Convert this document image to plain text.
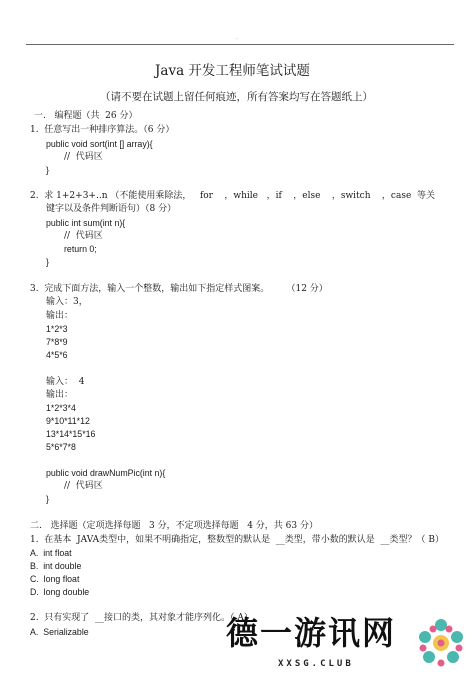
·
Java 开发工程师笔试试题
（请不要在试题上留任何痕迹，所有答案均写在答题纸上）
一.   编程题（共  26 分）
1.  任意写出一种排序算法。（6 分）
public void sort(int [] array){
//  代码区
}
2.  求 1+2+3+..n （不能使用乘除法，   for    ，while   ，if    ，else    ，switch    ，case  等关
键字以及条件判断语句）（8 分）
public int sum(int n){
//  代码区
return 0;
}
3.  完成下面方法，输入一个整数，输出如下指定样式图案。      （12 分）
输入：3，
输出：
1*2*3
7*8*9
4*5*6
输入：  4
输出：
1*2*3*4
9*10*11*12
13*14*15*16
5*6*7*8
public void drawNumPic(int n){
//  代码区
}
二.   选择题（定项选择每题   3 分，不定项选择每题   4 分，共 63 分）
1.  在基本  JAVA类型中，如果不明确指定，整数型的默认是  __类型，带小数的默认是  __类型？（ B）
A.  int float
B.  int double
C.  long float
D.  long double
2.  只有实现了  __接口的类，其对象才能序列化。（ A）
A.  Serializable	德一游讯网
XXSG.CLUB
